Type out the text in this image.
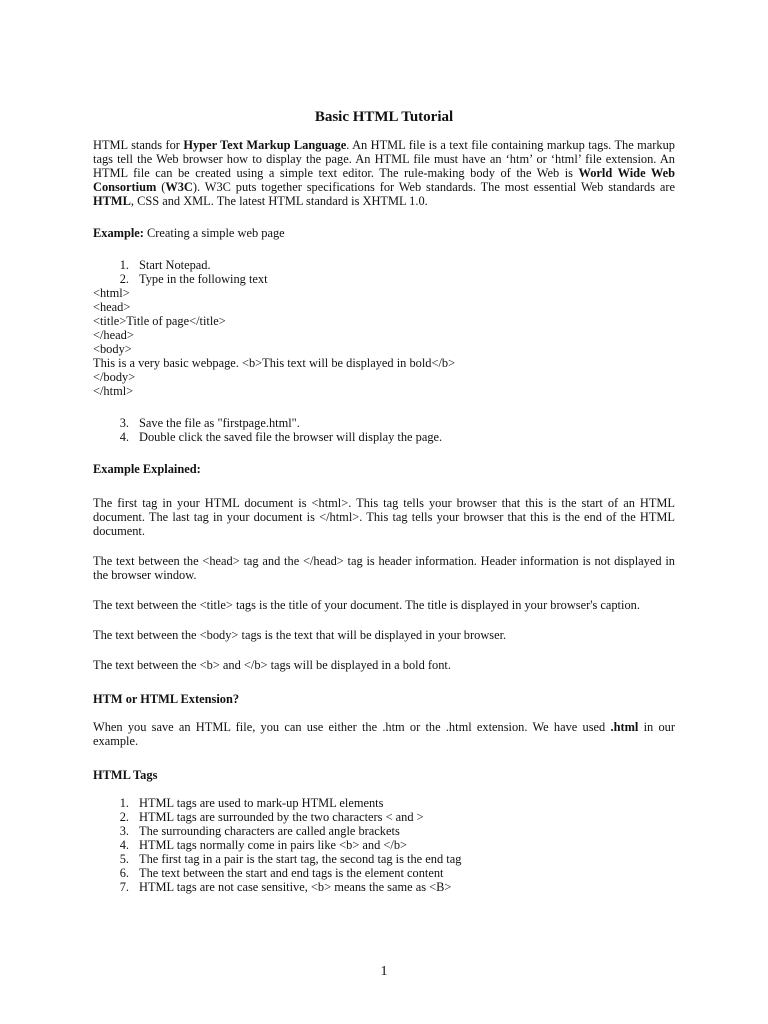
Basic HTML Tutorial

HTML stands for Hyper Text Markup Language. An HTML file is a text file containing markup tags. The markup tags tell the Web browser how to display the page. An HTML file must have an ‘htm’ or ‘html’ file extension. An HTML file can be created using a simple text editor. The rule-making body of the Web is World Wide Web Consortium (W3C). W3C puts together specifications for Web standards. The most essential Web standards are HTML, CSS and XML. The latest HTML standard is XHTML 1.0.

Example: Creating a simple web page

1. Start Notepad.
2. Type in the following text
<html>
<head>
<title>Title of page</title>
</head>
<body>
This is a very basic webpage. <b>This text will be displayed in bold</b>
</body>
</html>
3. Save the file as "firstpage.html".
4. Double click the saved file the browser will display the page.

Example Explained:

The first tag in your HTML document is <html>. This tag tells your browser that this is the start of an HTML document. The last tag in your document is </html>. This tag tells your browser that this is the end of the HTML document.

The text between the <head> tag and the </head> tag is header information. Header information is not displayed in the browser window.

The text between the <title> tags is the title of your document. The title is displayed in your browser's caption.

The text between the <body> tags is the text that will be displayed in your browser.

The text between the <b> and </b> tags will be displayed in a bold font.

HTM or HTML Extension?

When you save an HTML file, you can use either the .htm or the .html extension. We have used .html in our example.

HTML Tags

1. HTML tags are used to mark-up HTML elements
2. HTML tags are surrounded by the two characters < and >
3. The surrounding characters are called angle brackets
4. HTML tags normally come in pairs like <b> and </b>
5. The first tag in a pair is the start tag, the second tag is the end tag
6. The text between the start and end tags is the element content
7. HTML tags are not case sensitive, <b> means the same as <B>
1
